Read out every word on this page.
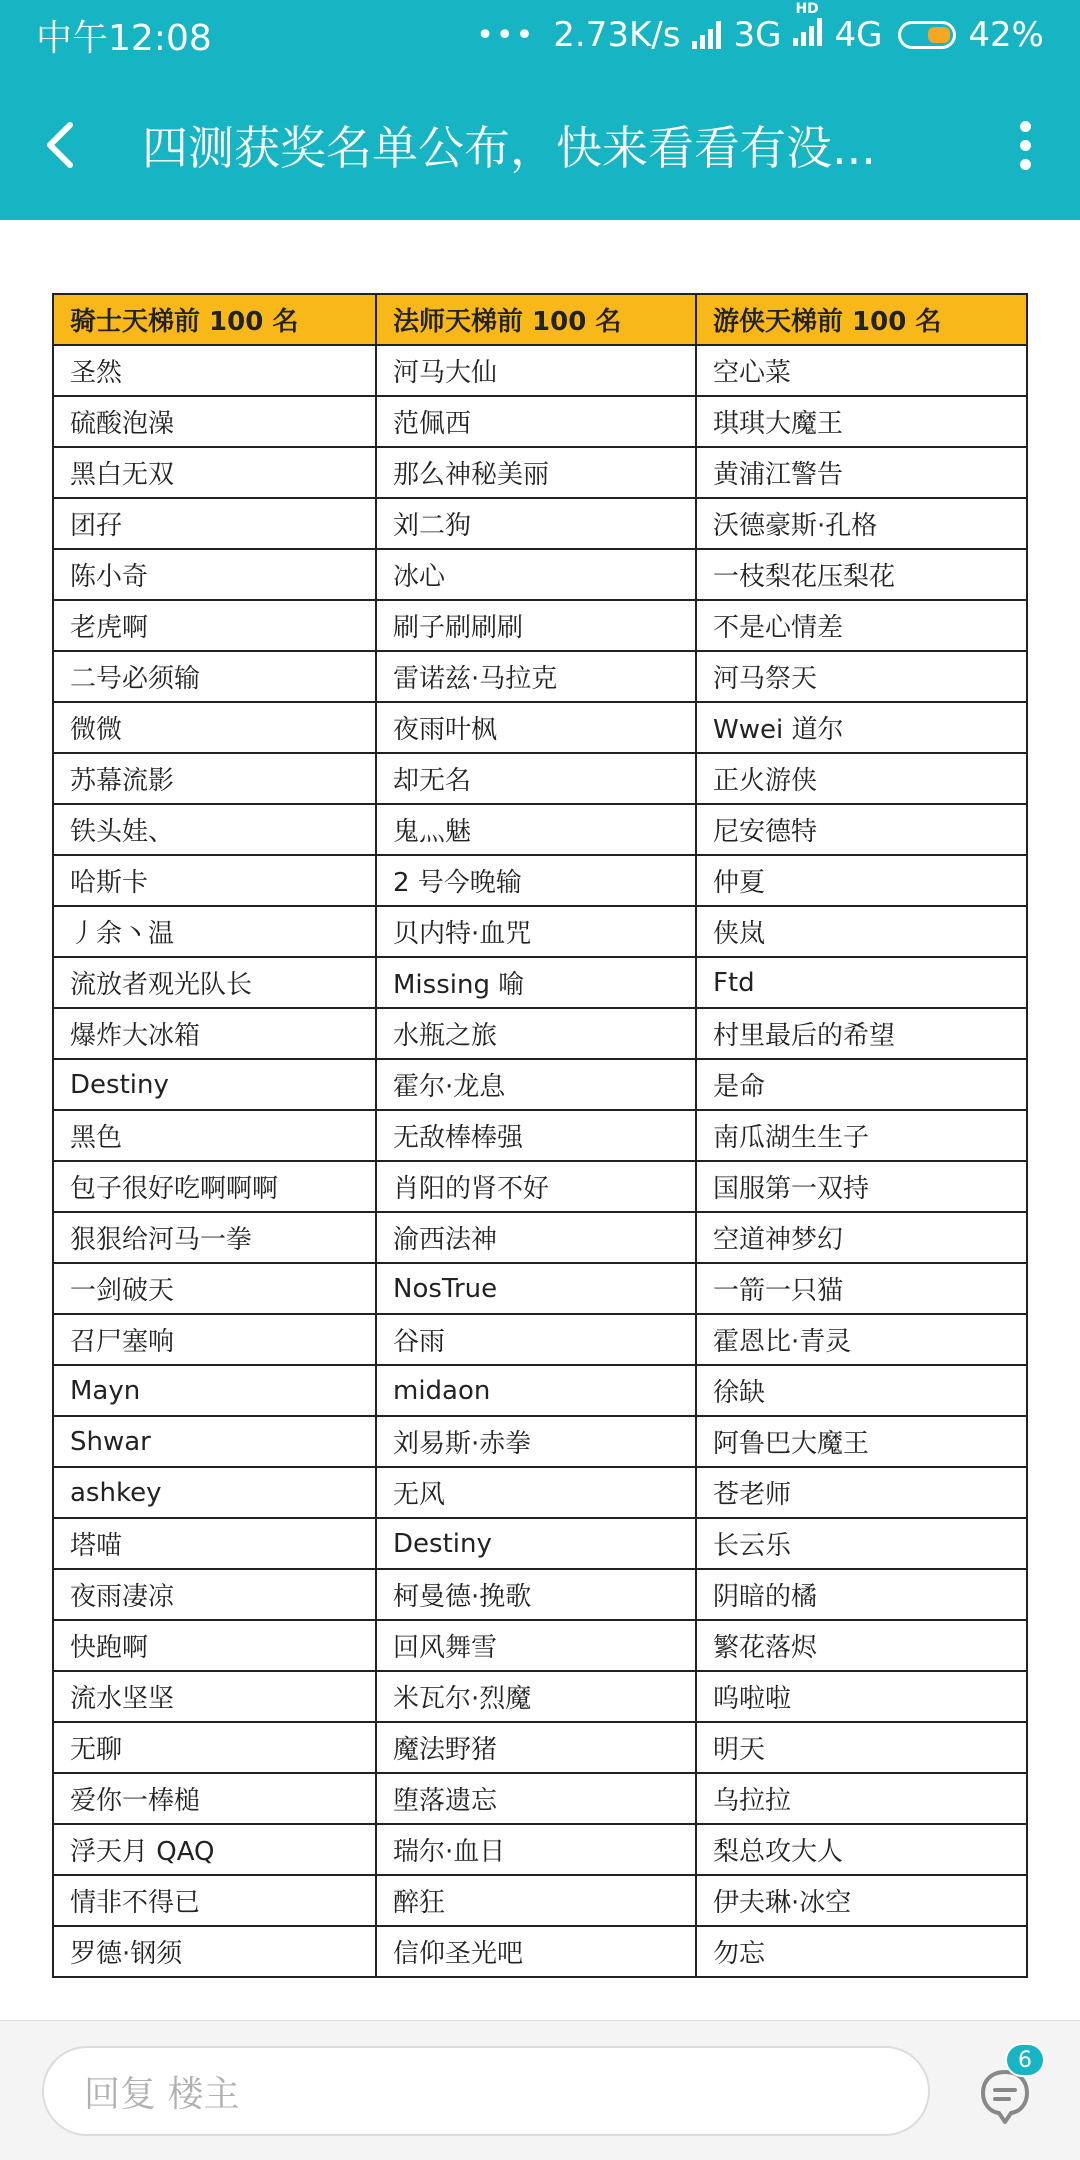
中午12:08	••• 2.73K/s 3G
HD
4G	42%
四测获奖名单公布，快来看看有没...
骑士天梯前 100 名	法师天梯前 100 名	游侠天梯前 100 名
圣然	河马大仙	空心菜
硫酸泡澡	范佩西	琪琪大魔王
黑白无双	那么神秘美丽	黄浦江警告
团孖	刘二狗	沃德豪斯·孔格
陈小奇	冰心	一枝梨花压梨花
老虎啊	刷子刷刷刷	不是心情差
二号必须输	雷诺兹·马拉克	河马祭天
微微	夜雨叶枫	Wwei 道尔
苏幕流影	却无名	正火游侠
铁头娃、	鬼灬魅	尼安德特
哈斯卡	2 号今晚输	仲夏
丿余丶温	贝内特·血咒	侠岚
流放者观光队长	Missing 喻	Ftd
爆炸大冰箱	水瓶之旅	村里最后的希望
Destiny	霍尔·龙息	是命
黑色	无敌棒棒强	南瓜湖生生子
包子很好吃啊啊啊	肖阳的肾不好	国服第一双持
狠狠给河马一拳	渝西法神	空道神梦幻
一剑破天	NosTrue	一箭一只猫
召尸塞响	谷雨	霍恩比·青灵
Mayn	midaon	徐缺
Shwar	刘易斯·赤拳	阿鲁巴大魔王
ashkey	无风	苍老师
塔喵	Destiny	长云乐
夜雨凄凉	柯曼德·挽歌	阴暗的橘
快跑啊	回风舞雪	繁花落烬
流水坚坚	米瓦尔·烈魔	呜啦啦
无聊	魔法野猪	明天
爱你一棒槌	堕落遗忘	乌拉拉
浮天月 QAQ	瑞尔·血日	梨总攻大人
情非不得已	醉狂	伊夫琳·冰空
罗德·钢须	信仰圣光吧	勿忘
回复 楼主
6
